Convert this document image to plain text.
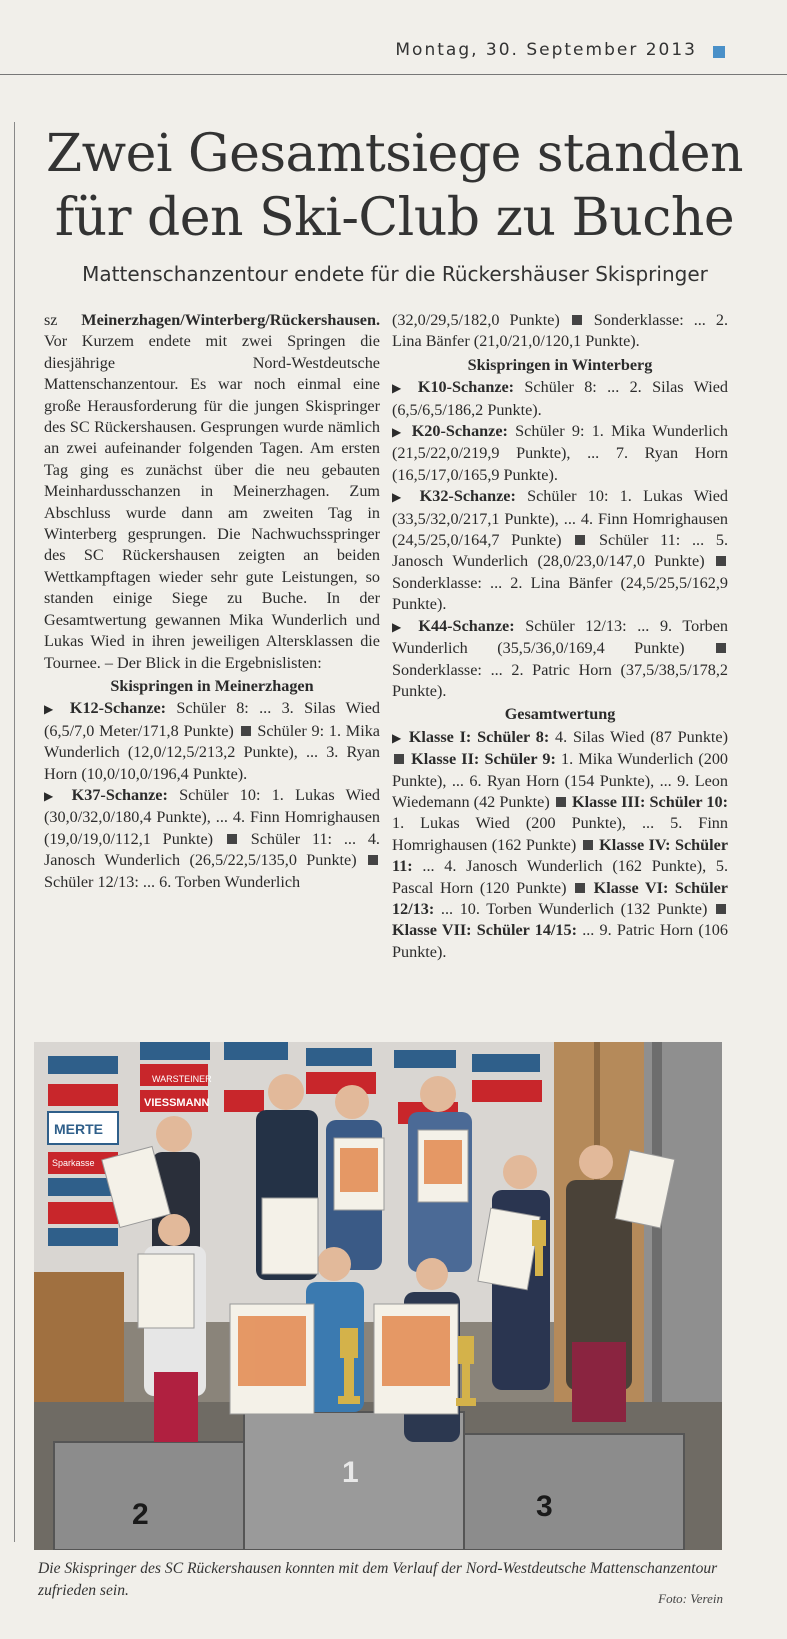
Montag, 30. September 2013
Zwei Gesamtsiege standen
für den Ski-Club zu Buche
Mattenschanzentour endete für die Rückershäuser Skispringer

sz Meinerzhagen/Winterberg/Rückershausen. Vor Kurzem endete mit zwei Springen die diesjährige Nord-Westdeutsche Mattenschanzentour. Es war noch einmal eine große Herausforderung für die jungen Skispringer des SC Rückershausen. Gesprungen wurde nämlich an zwei aufeinander folgenden Tagen. Am ersten Tag ging es zunächst über die neu gebauten Meinhardusschanzen in Meinerzhagen. Zum Abschluss wurde dann am zweiten Tag in Winterberg gesprungen. Die Nachwuchsspringer des SC Rückershausen zeigten an beiden Wettkampftagen wieder sehr gute Leistungen, so standen einige Siege zu Buche. In der Gesamtwertung gewannen Mika Wunderlich und Lukas Wied in ihren jeweiligen Altersklassen die Tournee. – Der Blick in die Ergebnislisten:

Skispringen in Meinerzhagen

▶ K12-Schanze: Schüler 8: ... 3. Silas Wied (6,5/7,0 Meter/171,8 Punkte)  Schüler 9: 1. Mika Wunderlich (12,0/12,5/213,2 Punkte), ... 3. Ryan Horn (10,0/10,0/196,4 Punkte).

▶ K37-Schanze: Schüler 10: 1. Lukas Wied (30,0/32,0/180,4 Punkte), ... 4. Finn Homrighausen (19,0/19,0/112,1 Punkte)  Schüler 11: ... 4. Janosch Wunderlich (26,5/22,5/135,0 Punkte)  Schüler 12/13: ... 6. Torben Wunderlich

(32,0/29,5/182,0 Punkte)  Sonderklasse: ... 2. Lina Bänfer (21,0/21,0/120,1 Punkte).

Skispringen in Winterberg

▶ K10-Schanze: Schüler 8: ... 2. Silas Wied (6,5/6,5/186,2 Punkte).

▶ K20-Schanze: Schüler 9: 1. Mika Wunderlich (21,5/22,0/219,9 Punkte), ... 7. Ryan Horn (16,5/17,0/165,9 Punkte).

▶ K32-Schanze: Schüler 10: 1. Lukas Wied (33,5/32,0/217,1 Punkte), ... 4. Finn Homrighausen (24,5/25,0/164,7 Punkte)  Schüler 11: ... 5. Janosch Wunderlich (28,0/23,0/147,0 Punkte)  Sonderklasse: ... 2. Lina Bänfer (24,5/25,5/162,9 Punkte).

▶ K44-Schanze: Schüler 12/13: ... 9. Torben Wunderlich (35,5/36,0/169,4 Punkte)  Sonderklasse: ... 2. Patric Horn (37,5/38,5/178,2 Punkte).

Gesamtwertung

▶ Klasse I: Schüler 8: 4. Silas Wied (87 Punkte)  Klasse II: Schüler 9: 1. Mika Wunderlich (200 Punkte), ... 6. Ryan Horn (154 Punkte), ... 9. Leon Wiedemann (42 Punkte)  Klasse III: Schüler 10: 1. Lukas Wied (200 Punkte), ... 5. Finn Homrighausen (162 Punkte)  Klasse IV: Schüler 11: ... 4. Janosch Wunderlich (162 Punkte), 5. Pascal Horn (120 Punkte)  Klasse VI: Schüler 12/13: ... 10. Torben Wunderlich (132 Punkte)  Klasse VII: Schüler 14/15: ... 9. Patric Horn (106 Punkte).

WARSTEINER
VIESSMANN
MERTE
Sparkasse
2
1
3
Die Skispringer des SC Rückershausen konnten mit dem Verlauf der Nord-Westdeutsche Mattenschanzentour zufrieden sein.	Foto: Verein
